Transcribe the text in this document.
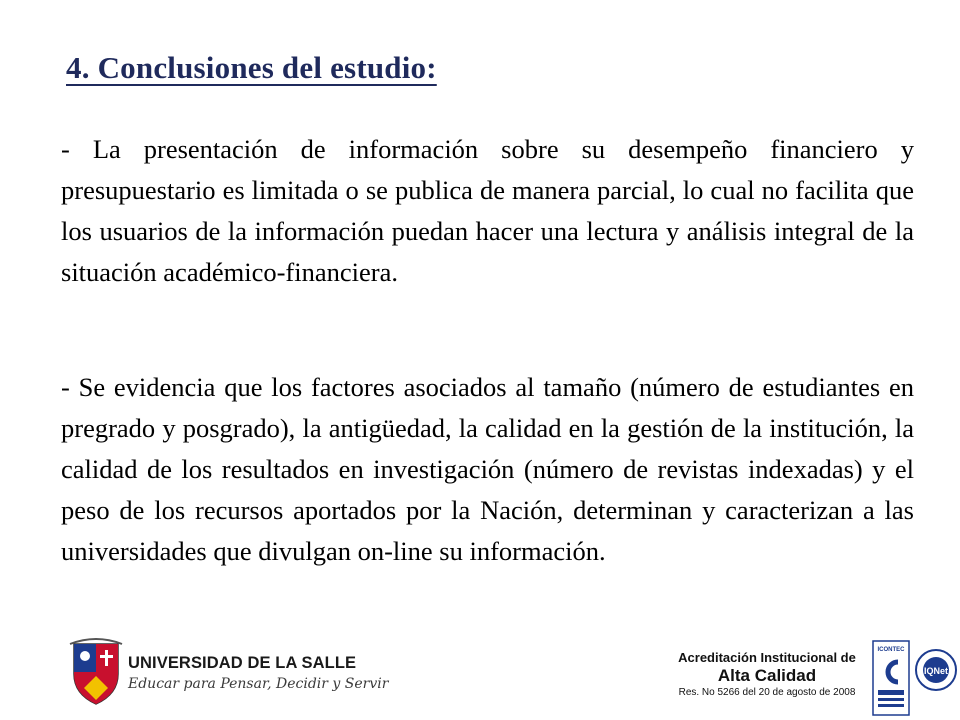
4. Conclusiones del estudio:

- La presentación de información sobre su desempeño financiero y presupuestario es limitada o se publica de manera parcial, lo cual no facilita que los usuarios de la información puedan hacer una lectura y análisis integral de la situación académico-financiera.

- Se evidencia que los factores asociados al tamaño (número de estudiantes en pregrado y posgrado), la antigüedad, la calidad en la gestión de la institución, la calidad de los resultados en investigación (número de revistas indexadas) y el peso de los recursos aportados por la Nación, determinan y caracterizan a las universidades que divulgan on-line su información.

UNIVERSIDAD DE LA SALLE
Educar para Pensar, Decidir y Servir
Acreditación Institucional de
Alta Calidad
Res. No 5266 del 20 de agosto de 2008
ICONTEC
IQNet
